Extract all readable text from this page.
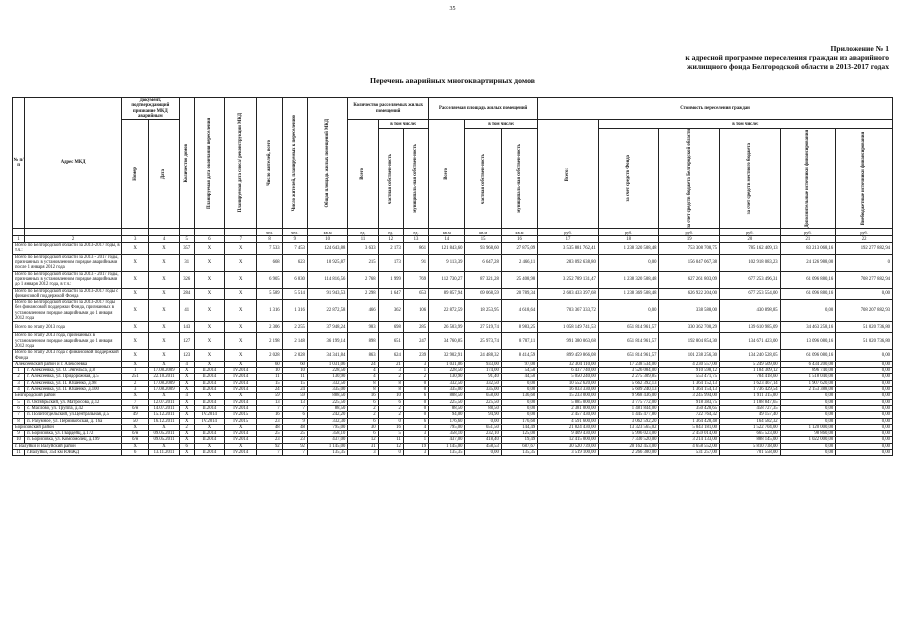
35
Приложение № 1
к адресной программе переселения граждан из аварийного
жилищного фонда Белгородской области в 2013-2017 годах
Перечень аварийных многоквартирных домов
№ п/п	Адрес МКД	Документ, подтверждающий признание МКД аварийным		Количество домов	Планируемая дата окончания переселения	Планируемая дата сноса/ реконструкции МКД	Число жителей, всего	Число жителей, планируемых к переселению	Общая площадь жилых помещений МКД	Количество расселяемых жилых помещений			Расселяемая площадь жилых помещений			Стоимость переселения граждан					

		Номер	Дата							Всего	в том числе:		Всего	в том числе:		Всего:	в том числе:				

											частная собствен-ность	муниципаль-ная собствен-ность		частная собствен-ность	муниципаль-ная собствен-ность		за счет средств Фонда	за счет средств бюджета Белгородской области	за счет средств местного бюджета	Дополнительные источники финансирования	Внебюджетные источники финансирования

							чел.	чел.	кв.м	ед.	ед.	ед.	кв.м	кв.м	кв.м	руб.	руб.	руб.	руб.	руб.	руб.
1	2	3	4	5	6	7	8	9	10	11	12	13	14	15	16	17	18	19	20	21	22
Всего по Белгородской области за 2013-2017 годы, в т.ч.:		X	X	357	X	X	7 533	7 453	124 643,88	3 633	2 173	861	121 843,60	93 968,60	27 875,09	3 535 881 762,41	1 238 320 508,48	753 308 708,75	785 162 409,13	83 213 068,16	192 277 882,94
Всего по Белгородской области за 2013 - 2017 годы, признанных в установленном порядке аварийными после 1 января 2012 года		X	X	31	X	X	668	623	10 925,87	215	173	91	9 113,39	6 647,28	2 466,11	283 092 638,80	0,00	156 047 067,38	102 918 083,23	24 126 988,00	0
Всего по Белгородской области за 2013 - 2017 годы, признанных в установленном порядке аварийными до 1 января 2012 года, в т.ч.:		X	X	326	X	X	6 905	6 830	114 816,56	2 768	1 999	769	112 730,27	87 321,28	25 408,98	3 252 789 131,47	1 238 320 508,48	627 261 803,09	677 253 496,31	61 096 880,16	708 277 882,94
Всего по Белгородской области за 2013-2017 годы с финансовой поддержкой Фонда		X	X	284	X	X	5 589	5 514	91 943,53	2 298	1 647	653	89 857,94	69 068,59	20 789,34	2 603 433 397,68	1 238 369 508,48	626 922 204,00	677 253 554,00	61 096 880,16	0,00
Всего по Белгородской области за 2013-2017 годы без финансовой поддержки Фонда, признанных в установленном порядке аварийными до 1 января 2012 года		X	X	41	X	X	1 316	1 316	22 872,58	466	362	106	22 872,59	18 253,95	4 618,64	703 367 333,72	0,00	338 588,00	430 898,85	0,00	708 207 882,93
Всего по этапу 2013 года		X	X	143	X	X	2 306	2 255	37 948,24	983	698	285	26 503,99	27 519,74	8 983,25	1 058 149 741,53	651 814 961,57	330 362 700,29	139 610 985,09	34 463 258,16	51 020 736,80
Всего по этапу 2013 года, признанных в установленном порядке аварийными до 1 января 2012 года		X	X	127	X	X	2 198	2 148	36 199,14	898	651	247	34 760,85	25 973,74	8 787,11	991 380 063,68	651 814 961,57	192 804 854,30	134 671 423,00	13 096 080,16	51 020 736,80
Всего по этапу 2013 года с финансовой поддержкой Фонда		X	X	123	X	X	2 028	2 028	34 341,84	863	624	239	32 902,91	24 488,32	8 414,59	899 459 866,08	651 814 961,57	101 238 256,30	134 240 528,05	61 096 080,16	0,00
Алексеевский район и г. Алексеевка		X	X	4	X	X	60	60	1 031,06	24	21	3	1 031,06	933,00	97,00	32 304 110,00	17 238 534,00	4 230 557,00	5 249 509,00	6 434 200,00	0,00
1	г. Алексеевка, ул. О. Энгельса, д.8	1	17.08.2009	X	II.2014	IV.2014	10	10	228,50	4	3	1	228,50	174,00	54,50	6 437 740,00	3 526 084,00	910 598,12	1 184 309,12	896 740,00	0,00
2	г. Алексеевка, ул. Придорожная, д.5	251	22.10.2011	X	II.2014	IV.2014	11	11	130,90	4	2	2	130,90	91,40	44,50	5 050 240,00	2 275 309,85	553 471,75	704 418,60	1 518 040,00	0,00
3	г. Алексеевка, ул. П. Юшенко, д.98	2	17.08.2009	X	II.2014	IV.2014	15	15	332,50	8	8	0	332,50	332,50	0,00	10 552 620,00	5 662 392,13	1 364 152,13	1 623 467,14	1 907 620,00	0,00
4	г. Алексеевка, ул. П. Юшенко, д.100	3	17.08.2009	X	II.2014	IV.2014	24	24	335,00	8	8	0	335,00	335,00	0,00	16 033 330,00	5 609 240,13	1 364 154,13	1 736 429,54	2 153 388,00	0,00
Белгородский район		X	X	4	X	X	59	59	888,50	16	10	6	888,50	658,00	136,60	15 233 000,00	9 968 436,00	3 245 994,00	1 911 315,00	0,00	0,00
5	п. Октябрьский, ул. Матросова, д.12	7	12.07.2011	X	II.2014	IV.2014	13	13	225,50	6	6	0	225,50	225,50	0,00	5 885 000,00	3 775 772,00	918 383,75	1 188 847,65	0,00	0,00
6	с. Маслово, ул. Труппа, д.42	б/н	14.07.2011	X	II.2014	IV.2014	7	7	88,50	2	2	0	88,50	88,50	0,00	2 381 000,00	1 481 844,00	350 428,65	458 727,35	0,00	0,00
7	п. Политотдельский, ул.Центральная, д.5	49	15.12.2011	X	IV.2014	IV.2015	16	6	242,20	2	2	0	94,00	94,90	0,00	2 457 430,00	1 445 477,80	722 764,32	49 157,40	0,00	0,00
8	п. Разумное, ул. Пермикобская, д. 16а	50	16.12.2011	X	IV.2014	IV.2015	23	9	332,30	6	0	6	176,60	0,00	176,60	4 591 600,00	3 062 592,20	1 364 428,48	164 582,32	0,00	0,00
Борисовский район		X	X	2	X	X	48	48	795,00	30	16	4	795,00	651,50	144,49	21 824 430,00	13 323 565,02	5 843 181,00	1 522 704,00	1 120 000,00	0,00
9	п. Борисовка, ул. Гвардейц, д.172	б/н	09.05.2011	X	II.2014	IV.2014	25	25	358,10	6	5	3	358,10	232,10	125,00	9 409 430,00	5 996 023,00	2 459 014,00	665 523,00	98 860,00	0,00
10	п. Борисовка, ул. Комсомолец, д.199	б/н	09.05.2011	X	II.2014	IV.2014	23	23	437,00	12	11	1	437,00	418,40	19,49	12 415 000,00	7 330 520,00	3 214 133,00	888 145,00	1 022 000,00	0,00
г. Валуйки и Валуйский район		X	X	6	X	X	92	92	1 145,00	31	12	19	1 145,00	458,53	687,67	30 520 739,00	20 162 453,00	4 658 552,00	5 810 738,00	0,00	0,00
11	г.Валуйки, 354 км ЮВЖД	6	13.11.2011	X	II.2014	IV.2014	7	7	135,35	3	0	3	135,35	0,00	135,35	3 519 100,00	2 266 300,00	531 257,00	701 558,00	0,00	0,00
